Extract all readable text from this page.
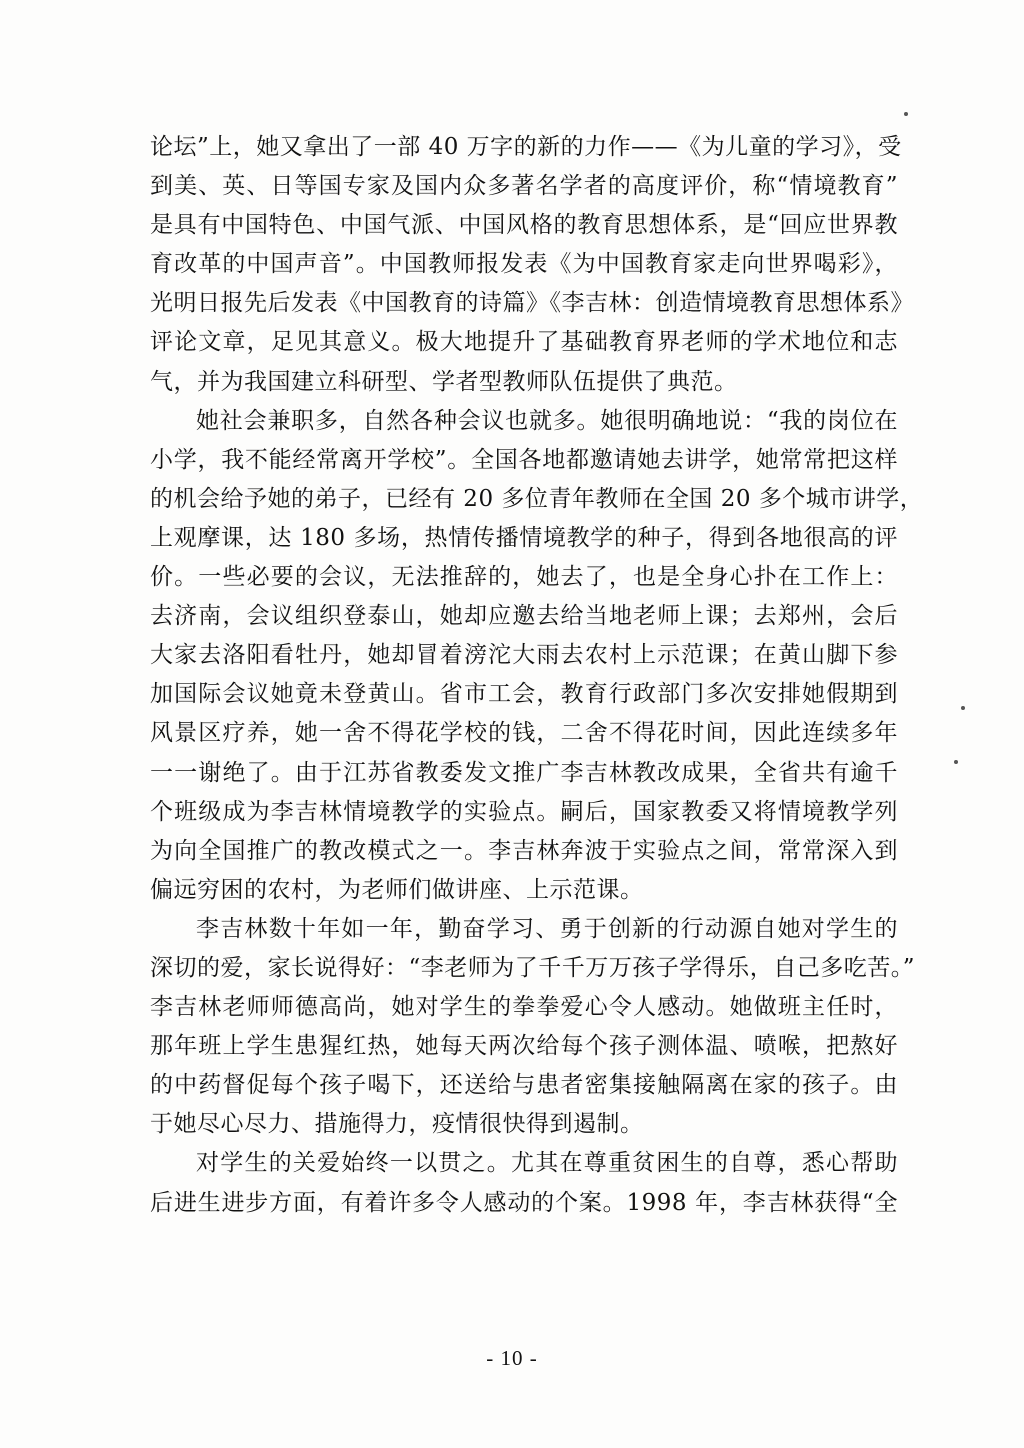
论坛”上，她又拿出了一部 40 万字的新的力作——《为儿童的学习》，受
到美、英、日等国专家及国内众多著名学者的高度评价，称“情境教育”
是具有中国特色、中国气派、中国风格的教育思想体系，是“回应世界教
育改革的中国声音”。中国教师报发表《为中国教育家走向世界喝彩》，
光明日报先后发表《中国教育的诗篇》《李吉林：创造情境教育思想体系》
评论文章，足见其意义。极大地提升了基础教育界老师的学术地位和志
气，并为我国建立科研型、学者型教师队伍提供了典范。
她社会兼职多，自然各种会议也就多。她很明确地说：“我的岗位在
小学，我不能经常离开学校”。全国各地都邀请她去讲学，她常常把这样
的机会给予她的弟子，已经有 20 多位青年教师在全国 20 多个城市讲学，
上观摩课，达 180 多场，热情传播情境教学的种子，得到各地很高的评
价。一些必要的会议，无法推辞的，她去了，也是全身心扑在工作上：
去济南，会议组织登泰山，她却应邀去给当地老师上课；去郑州，会后
大家去洛阳看牡丹，她却冒着滂沱大雨去农村上示范课；在黄山脚下参
加国际会议她竟未登黄山。省市工会，教育行政部门多次安排她假期到
风景区疗养，她一舍不得花学校的钱，二舍不得花时间，因此连续多年
一一谢绝了。由于江苏省教委发文推广李吉林教改成果，全省共有逾千
个班级成为李吉林情境教学的实验点。嗣后，国家教委又将情境教学列
为向全国推广的教改模式之一。李吉林奔波于实验点之间，常常深入到
偏远穷困的农村，为老师们做讲座、上示范课。
李吉林数十年如一年，勤奋学习、勇于创新的行动源自她对学生的
深切的爱，家长说得好：“李老师为了千千万万孩子学得乐，自己多吃苦。”
李吉林老师师德高尚，她对学生的拳拳爱心令人感动。她做班主任时，
那年班上学生患猩红热，她每天两次给每个孩子测体温、喷喉，把熬好
的中药督促每个孩子喝下，还送给与患者密集接触隔离在家的孩子。由
于她尽心尽力、措施得力，疫情很快得到遏制。
对学生的关爱始终一以贯之。尤其在尊重贫困生的自尊，悉心帮助
后进生进步方面，有着许多令人感动的个案。1998 年，李吉林获得“全
- 10 -
